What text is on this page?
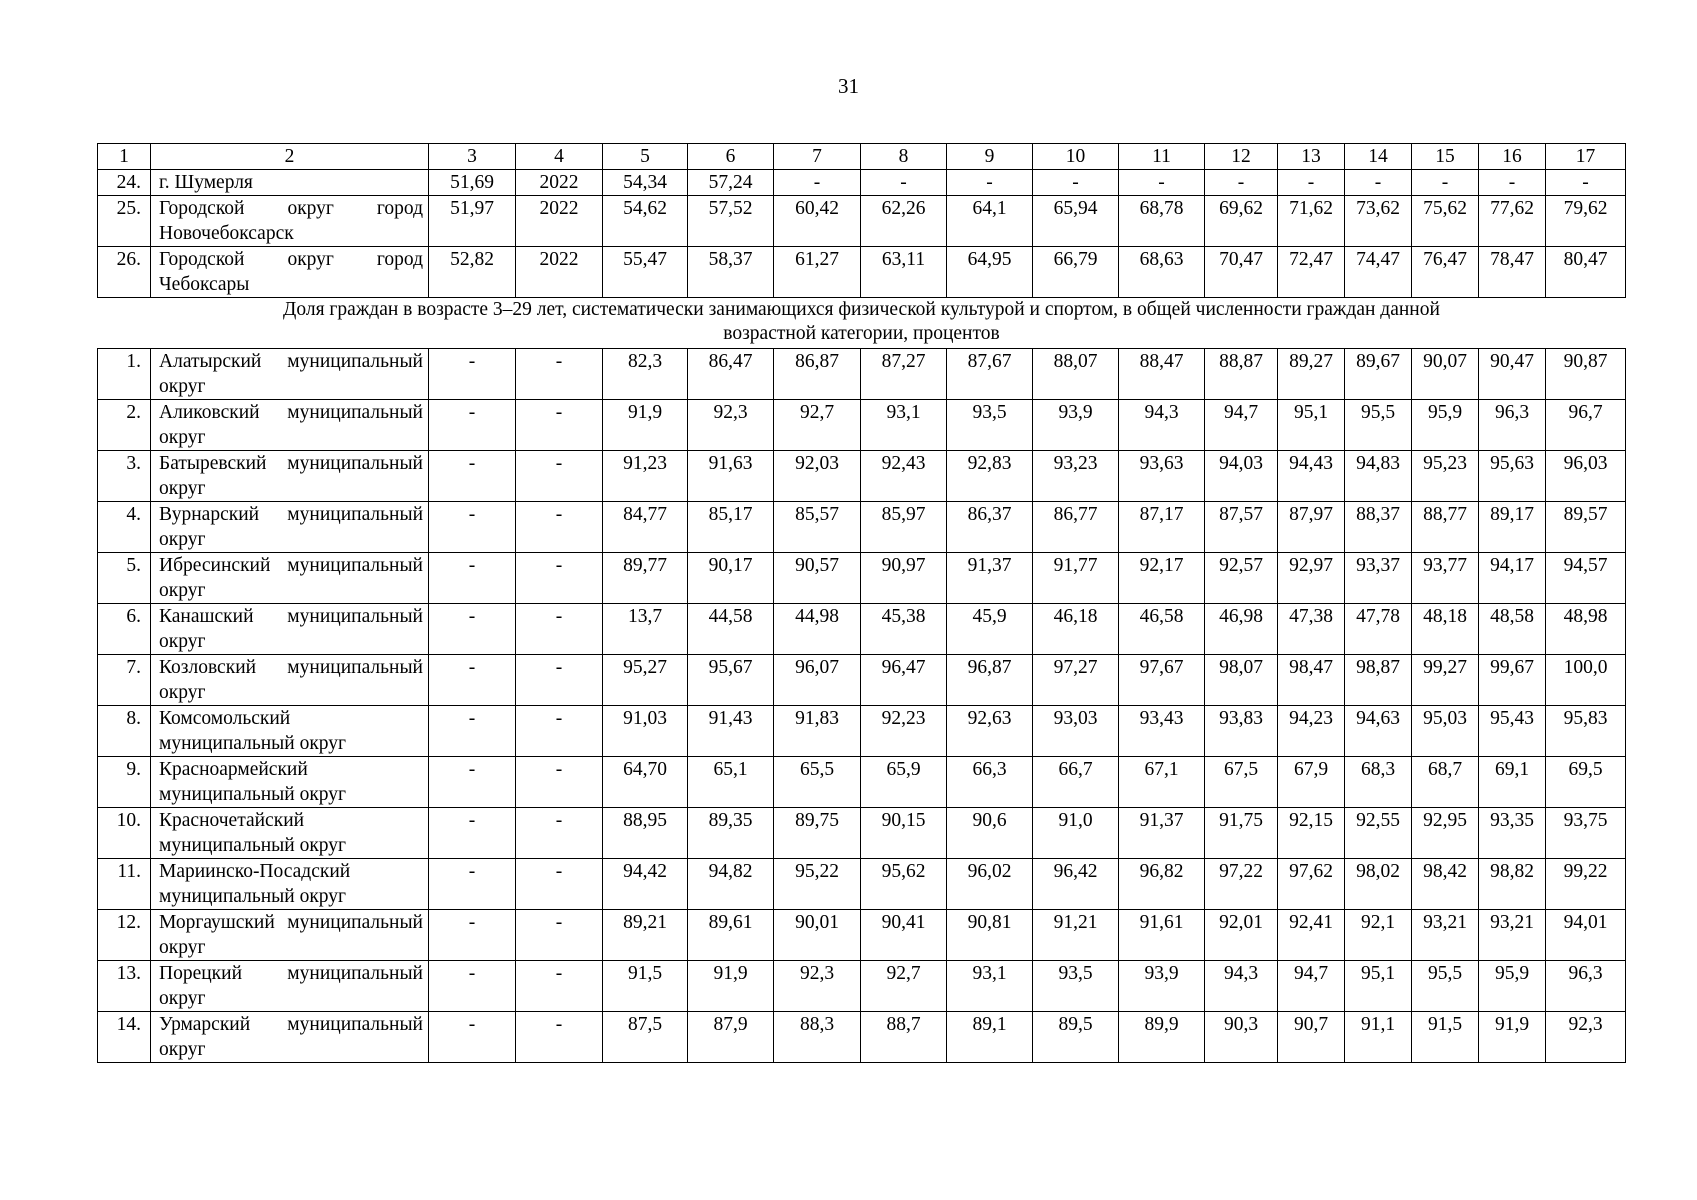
31
1	2	3	4	5	6	7	8	9	10	11	12	13	14	15	16	17
24.	г. Шумерля	51,69	2022	54,34	57,24	-	-	-	-	-	-	-	-	-	-	-
25.	Городской округ город Новочебоксарск	51,97	2022	54,62	57,52	60,42	62,26	64,1	65,94	68,78	69,62	71,62	73,62	75,62	77,62	79,62
26.	Городской округ город Чебоксары	52,82	2022	55,47	58,37	61,27	63,11	64,95	66,79	68,63	70,47	72,47	74,47	76,47	78,47	80,47
Доля граждан в возрасте 3–29 лет, систематически занимающихся физической культурой и спортом, в общей численности граждан данной возрастной категории, процентов																
1.	Алатырский муниципальный округ	-	-	82,3	86,47	86,87	87,27	87,67	88,07	88,47	88,87	89,27	89,67	90,07	90,47	90,87
2.	Аликовский муниципальный округ	-	-	91,9	92,3	92,7	93,1	93,5	93,9	94,3	94,7	95,1	95,5	95,9	96,3	96,7
3.	Батыревский муниципальный округ	-	-	91,23	91,63	92,03	92,43	92,83	93,23	93,63	94,03	94,43	94,83	95,23	95,63	96,03
4.	Вурнарский муниципальный округ	-	-	84,77	85,17	85,57	85,97	86,37	86,77	87,17	87,57	87,97	88,37	88,77	89,17	89,57
5.	Ибресинский муниципальный округ	-	-	89,77	90,17	90,57	90,97	91,37	91,77	92,17	92,57	92,97	93,37	93,77	94,17	94,57
6.	Канашский муниципальный округ	-	-	13,7	44,58	44,98	45,38	45,9	46,18	46,58	46,98	47,38	47,78	48,18	48,58	48,98
7.	Козловский муниципальный округ	-	-	95,27	95,67	96,07	96,47	96,87	97,27	97,67	98,07	98,47	98,87	99,27	99,67	100,0
8.	Комсомольский муниципальный округ	-	-	91,03	91,43	91,83	92,23	92,63	93,03	93,43	93,83	94,23	94,63	95,03	95,43	95,83
9.	Красноармейский муниципальный округ	-	-	64,70	65,1	65,5	65,9	66,3	66,7	67,1	67,5	67,9	68,3	68,7	69,1	69,5
10.	Красночетайский муниципальный округ	-	-	88,95	89,35	89,75	90,15	90,6	91,0	91,37	91,75	92,15	92,55	92,95	93,35	93,75
11.	Мариинско-Посадский муниципальный округ	-	-	94,42	94,82	95,22	95,62	96,02	96,42	96,82	97,22	97,62	98,02	98,42	98,82	99,22
12.	Моргаушский муниципальный округ	-	-	89,21	89,61	90,01	90,41	90,81	91,21	91,61	92,01	92,41	92,1	93,21	93,21	94,01
13.	Порецкий муниципальный округ	-	-	91,5	91,9	92,3	92,7	93,1	93,5	93,9	94,3	94,7	95,1	95,5	95,9	96,3
14.	Урмарский муниципальный округ	-	-	87,5	87,9	88,3	88,7	89,1	89,5	89,9	90,3	90,7	91,1	91,5	91,9	92,3
